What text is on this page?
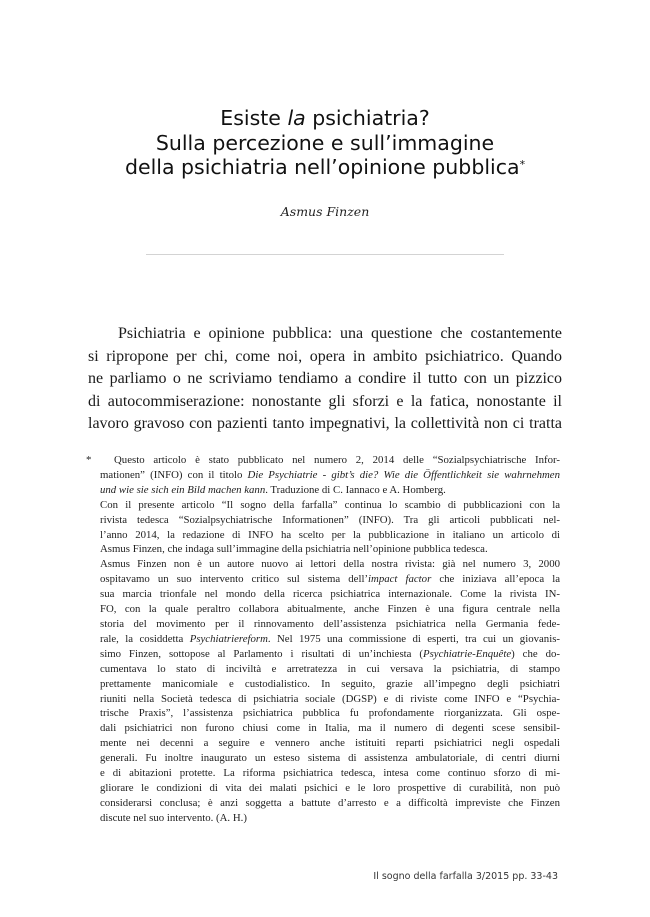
Esiste la psichiatria?
Sulla percezione e sull’immagine
della psichiatria nell’opinione pubblica*
Asmus Finzen
Psichiatria e opinione pubblica: una questione che costantemente
si ripropone per chi, come noi, opera in ambito psichiatrico. Quando
ne parliamo o ne scriviamo tendiamo a condire il tutto con un pizzico
di autocommiserazione: nonostante gli sforzi e la fatica, nonostante il
lavoro gravoso con pazienti tanto impegnativi, la collettività non ci tratta
* Questo articolo è stato pubblicato nel numero 2, 2014 delle “Sozialpsychiatrische Infor-
mationen” (INFO) con il titolo Die Psychiatrie - gibt’s die? Wie die Öffentlichkeit sie wahrnehmen
und wie sie sich ein Bild machen kann. Traduzione di C. Iannaco e A. Homberg.
Con il presente articolo “Il sogno della farfalla” continua lo scambio di pubblicazioni con la
rivista tedesca “Sozialpsychiatrische Informationen” (INFO). Tra gli articoli pubblicati nel-
l’anno 2014, la redazione di INFO ha scelto per la pubblicazione in italiano un articolo di
Asmus Finzen, che indaga sull’immagine della psichiatria nell’opinione pubblica tedesca.
Asmus Finzen non è un autore nuovo ai lettori della nostra rivista: già nel numero 3, 2000
ospitavamo un suo intervento critico sul sistema dell’impact factor che iniziava all’epoca la
sua marcia trionfale nel mondo della ricerca psichiatrica internazionale. Come la rivista IN-
FO, con la quale peraltro collabora abitualmente, anche Finzen è una figura centrale nella
storia del movimento per il rinnovamento dell’assistenza psichiatrica nella Germania fede-
rale, la cosiddetta Psychiatriereform. Nel 1975 una commissione di esperti, tra cui un giovanis-
simo Finzen, sottopose al Parlamento i risultati di un’inchiesta (Psychiatrie-Enquête) che do-
cumentava lo stato di inciviltà e arretratezza in cui versava la psichiatria, di stampo
prettamente manicomiale e custodialistico. In seguito, grazie all’impegno degli psichiatri
riuniti nella Società tedesca di psichiatria sociale (DGSP) e di riviste come INFO e “Psychia-
trische Praxis”, l’assistenza psichiatrica pubblica fu profondamente riorganizzata. Gli ospe-
dali psichiatrici non furono chiusi come in Italia, ma il numero di degenti scese sensibil-
mente nei decenni a seguire e vennero anche istituiti reparti psichiatrici negli ospedali
generali. Fu inoltre inaugurato un esteso sistema di assistenza ambulatoriale, di centri diurni
e di abitazioni protette. La riforma psichiatrica tedesca, intesa come continuo sforzo di mi-
gliorare le condizioni di vita dei malati psichici e le loro prospettive di curabilità, non può
considerarsi conclusa; è anzi soggetta a battute d’arresto e a difficoltà impreviste che Finzen
discute nel suo intervento. (A. H.)
Il sogno della farfalla 3/2015 pp. 33-43
